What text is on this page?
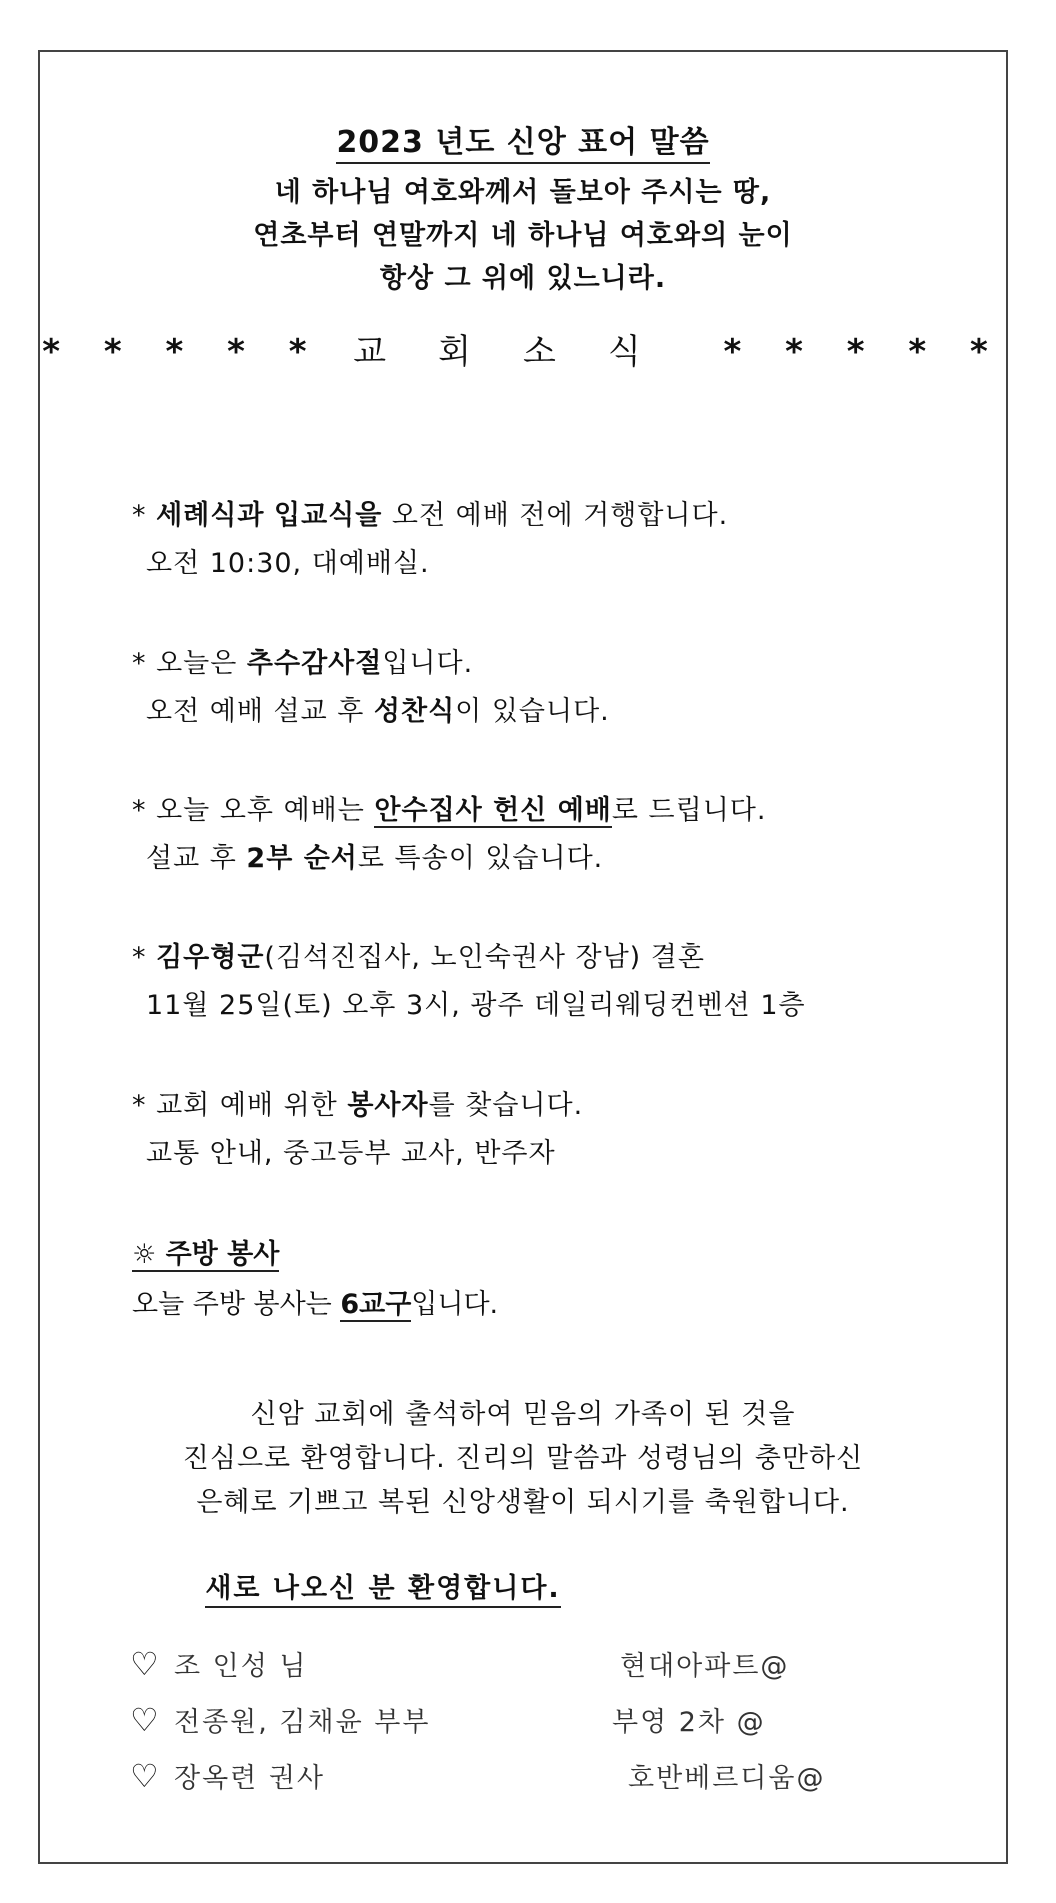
2023 년도 신앙 표어 말씀
네 하나님 여호와께서 돌보아 주시는 땅,
연초부터 연말까지 네 하나님 여호와의 눈이
항상 그 위에 있느니라.
* * * * * 교회소식 * * * * *
* 세례식과 입교식을 오전 예배 전에 거행합니다.
오전 10:30, 대예배실.
* 오늘은 추수감사절입니다.
오전 예배 설교 후 성찬식이 있습니다.
* 오늘 오후 예배는 안수집사 헌신 예배로 드립니다.
설교 후 2부 순서로 특송이 있습니다.
* 김우형군(김석진집사, 노인숙권사 장남) 결혼
11월 25일(토) 오후 3시, 광주 데일리웨딩컨벤션 1층
* 교회 예배 위한 봉사자를 찾습니다.
교통 안내, 중고등부 교사, 반주자
☼ 주방 봉사
오늘 주방 봉사는 6교구입니다.
신암 교회에 출석하여 믿음의 가족이 된 것을
진심으로 환영합니다. 진리의 말씀과 성령님의 충만하신
은혜로 기쁘고 복된 신앙생활이 되시기를 축원합니다.
새로 나오신 분 환영합니다.
♡ 조 인성 님	현대아파트@
♡ 전종원, 김채윤 부부	부영 2차 @
♡ 장옥련 권사	호반베르디움@
